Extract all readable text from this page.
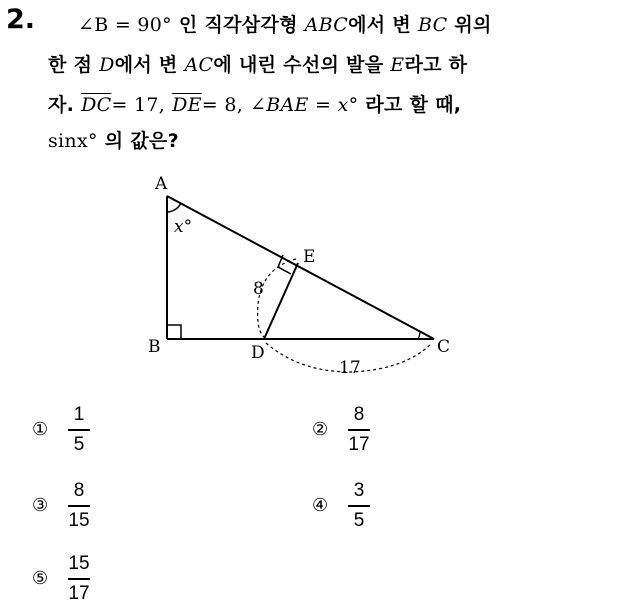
2. ∠B = 90° 인 직각삼각형 ABC에서 변 BC 위의
한 점 D에서 변 AC에 내린 수선의 발을 E라고 하
자. $\overline{DC}= 17$, $\overline{DE}= 8$, ∠BAE = x° 라고 할 때,
sinx° 의 값은?
A
B	C
D
E
x°
8
17
①	$\frac{1}{5}$	②	$\frac{8}{17}$
③	$\frac{8}{15}$	④	$\frac{3}{5}$
⑤	$\frac{15}{17}$
